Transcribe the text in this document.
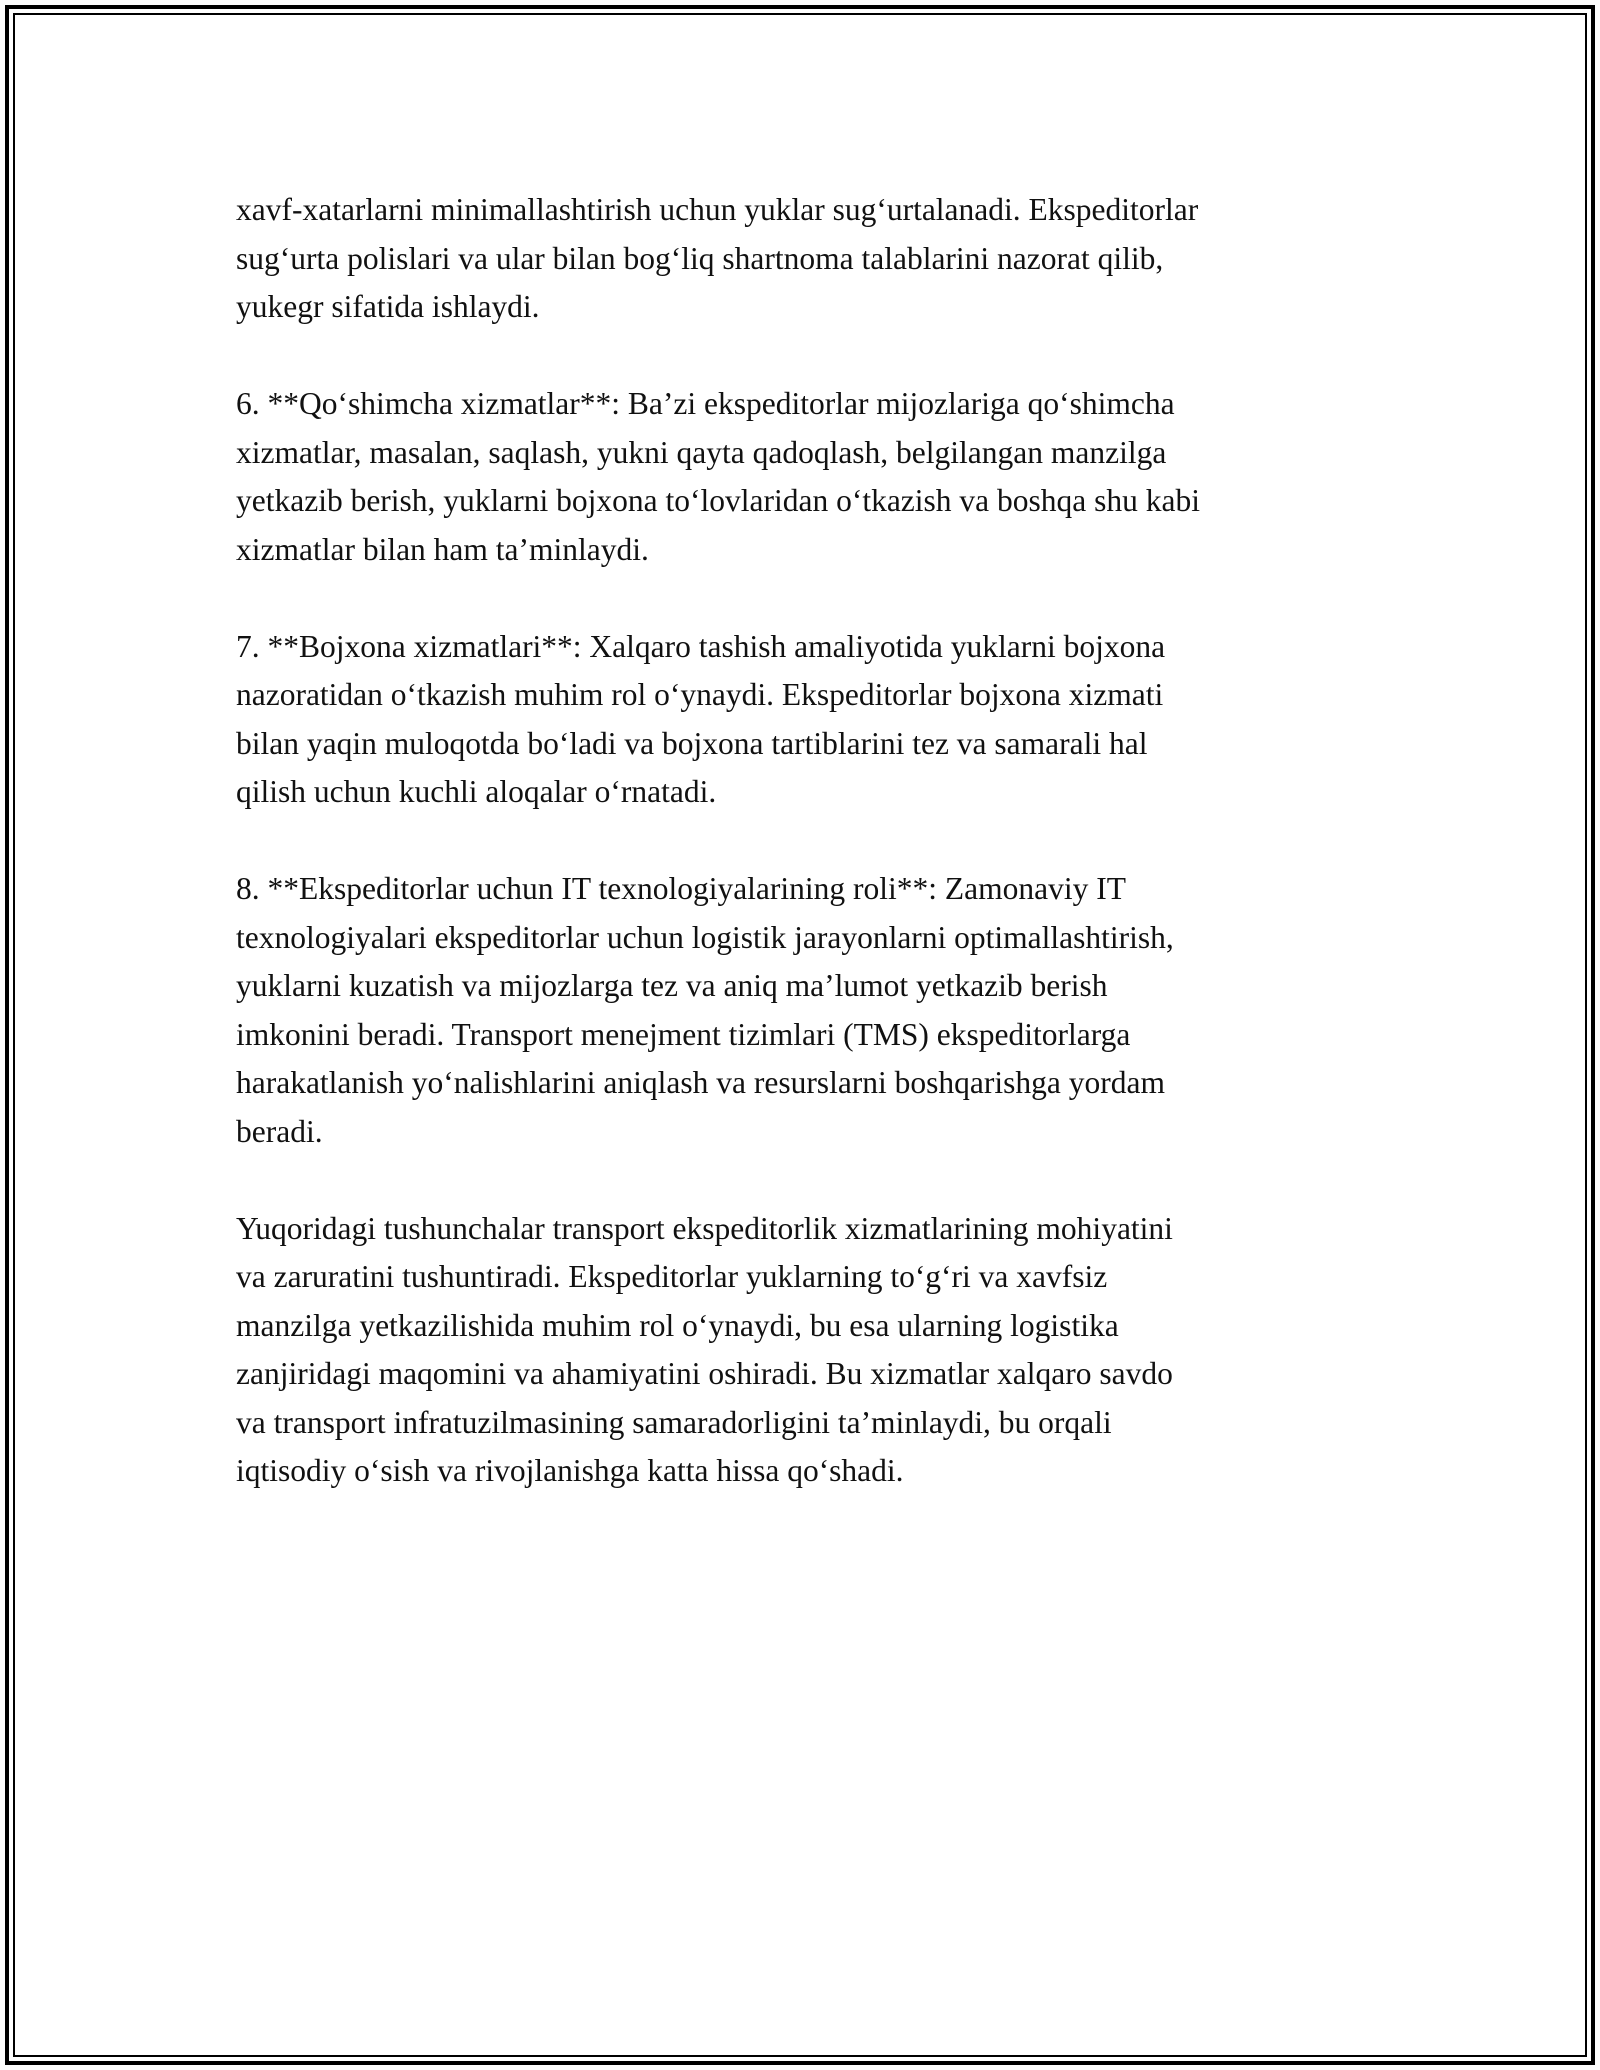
xavf-xatarlarni minimallashtirish uchun yuklar sug‘urtalanadi. Ekspeditorlar
sug‘urta polislari va ular bilan bog‘liq shartnoma talablarini nazorat qilib,
yukegr sifatida ishlaydi.

6. **Qo‘shimcha xizmatlar**: Ba’zi ekspeditorlar mijozlariga qo‘shimcha
xizmatlar, masalan, saqlash, yukni qayta qadoqlash, belgilangan manzilga
yetkazib berish, yuklarni bojxona to‘lovlaridan o‘tkazish va boshqa shu kabi
xizmatlar bilan ham ta’minlaydi.

7. **Bojxona xizmatlari**: Xalqaro tashish amaliyotida yuklarni bojxona
nazoratidan o‘tkazish muhim rol o‘ynaydi. Ekspeditorlar bojxona xizmati
bilan yaqin muloqotda bo‘ladi va bojxona tartiblarini tez va samarali hal
qilish uchun kuchli aloqalar o‘rnatadi.

8. **Ekspeditorlar uchun IT texnologiyalarining roli**: Zamonaviy IT
texnologiyalari ekspeditorlar uchun logistik jarayonlarni optimallashtirish,
yuklarni kuzatish va mijozlarga tez va aniq ma’lumot yetkazib berish
imkonini beradi. Transport menejment tizimlari (TMS) ekspeditorlarga
harakatlanish yo‘nalishlarini aniqlash va resurslarni boshqarishga yordam
beradi.

Yuqoridagi tushunchalar transport ekspeditorlik xizmatlarining mohiyatini
va zaruratini tushuntiradi. Ekspeditorlar yuklarning to‘g‘ri va xavfsiz
manzilga yetkazilishida muhim rol o‘ynaydi, bu esa ularning logistika
zanjiridagi maqomini va ahamiyatini oshiradi. Bu xizmatlar xalqaro savdo
va transport infratuzilmasining samaradorligini ta’minlaydi, bu orqali
iqtisodiy o‘sish va rivojlanishga katta hissa qo‘shadi.
